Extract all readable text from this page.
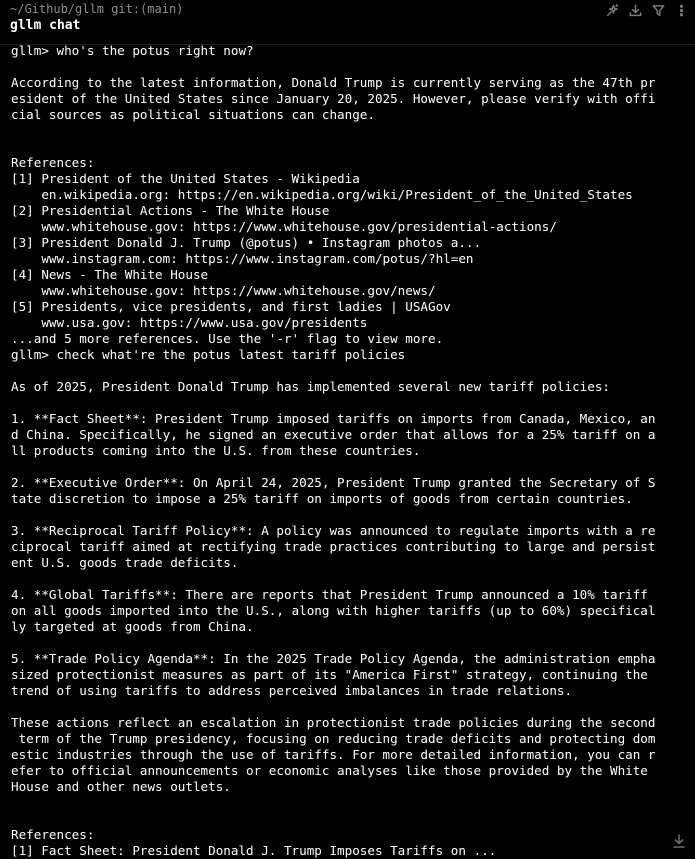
~/Github/gllm git:(main)
gllm chat
gllm> who's the potus right now?
According to the latest information, Donald Trump is currently serving as the 47th pr
esident of the United States since January 20, 2025. However, please verify with offi
cial sources as political situations can change.
References:
[1] President of the United States - Wikipedia
en.wikipedia.org: https://en.wikipedia.org/wiki/President_of_the_United_States
[2] Presidential Actions - The White House
www.whitehouse.gov: https://www.whitehouse.gov/presidential-actions/
[3] President Donald J. Trump (@potus) • Instagram photos a...
www.instagram.com: https://www.instagram.com/potus/?hl=en
[4] News - The White House
www.whitehouse.gov: https://www.whitehouse.gov/news/
[5] Presidents, vice presidents, and first ladies | USAGov
www.usa.gov: https://www.usa.gov/presidents
...and 5 more references. Use the '-r' flag to view more.
gllm> check what're the potus latest tariff policies
As of 2025, President Donald Trump has implemented several new tariff policies:
1. **Fact Sheet**: President Trump imposed tariffs on imports from Canada, Mexico, an
d China. Specifically, he signed an executive order that allows for a 25% tariff on a
ll products coming into the U.S. from these countries.
2. **Executive Order**: On April 24, 2025, President Trump granted the Secretary of S
tate discretion to impose a 25% tariff on imports of goods from certain countries.
3. **Reciprocal Tariff Policy**: A policy was announced to regulate imports with a re
ciprocal tariff aimed at rectifying trade practices contributing to large and persist
ent U.S. goods trade deficits.
4. **Global Tariffs**: There are reports that President Trump announced a 10% tariff
on all goods imported into the U.S., along with higher tariffs (up to 60%) specifical
ly targeted at goods from China.
5. **Trade Policy Agenda**: In the 2025 Trade Policy Agenda, the administration empha
sized protectionist measures as part of its "America First" strategy, continuing the
trend of using tariffs to address perceived imbalances in trade relations.
These actions reflect an escalation in protectionist trade policies during the second
term of the Trump presidency, focusing on reducing trade deficits and protecting dom
estic industries through the use of tariffs. For more detailed information, you can r
efer to official announcements or economic analyses like those provided by the White
House and other news outlets.
References:
[1] Fact Sheet: President Donald J. Trump Imposes Tariffs on ...
